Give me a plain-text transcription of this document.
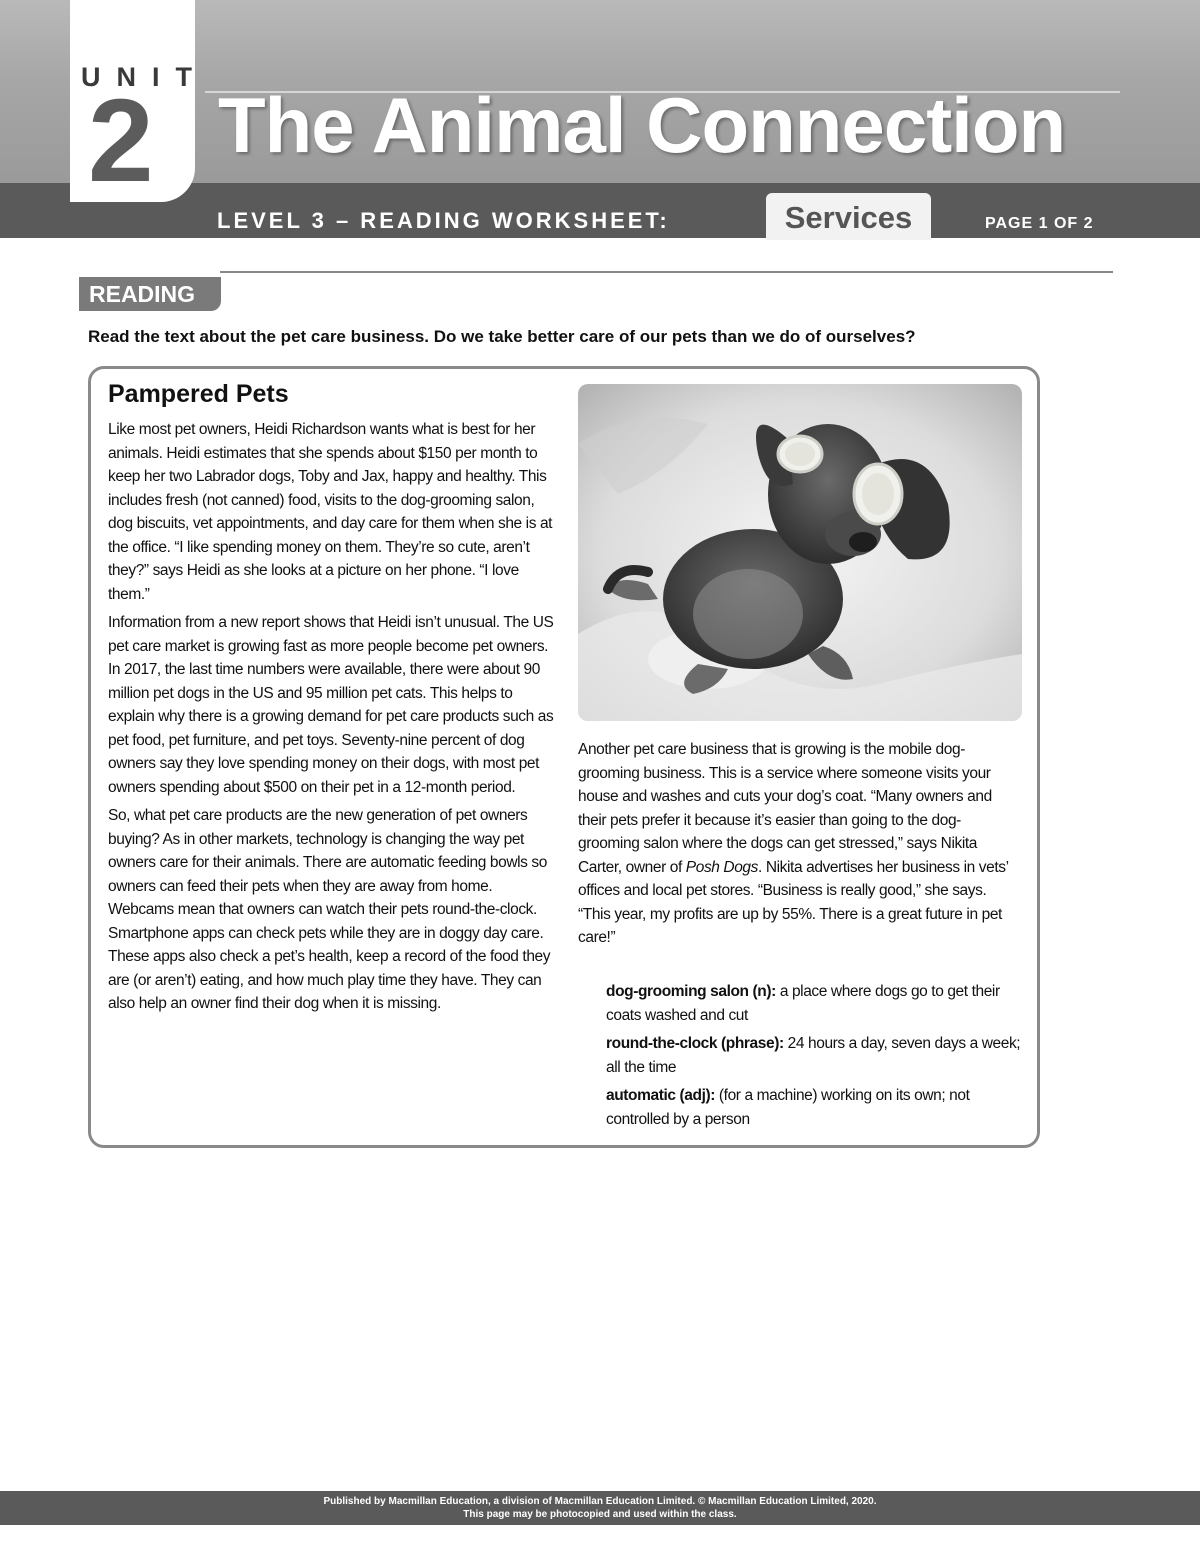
UNIT
2 The Animal Connection
LEVEL 3 – READING WORKSHEET:	Services	PAGE 1 OF 2
READING
Read the text about the pet care business. Do we take better care of our pets than we do of ourselves?
Pampered Pets

Like most pet owners, Heidi Richardson wants what is best for her animals. Heidi estimates that she spends about $150 per month to keep her two Labrador dogs, Toby and Jax, happy and healthy. This includes fresh (not canned) food, visits to the dog-grooming salon, dog biscuits, vet appointments, and day care for them when she is at the office. “I like spending money on them. They’re so cute, aren’t they?” says Heidi as she looks at a picture on her phone. “I love them.”

Information from a new report shows that Heidi isn’t unusual. The US pet care market is growing fast as more people become pet owners. In 2017, the last time numbers were available, there were about 90 million pet dogs in the US and 95 million pet cats. This helps to explain why there is a growing demand for pet care products such as pet food, pet furniture, and pet toys. Seventy-nine percent of dog owners say they love spending money on their dogs, with most pet owners spending about $500 on their pet in a 12-month period.

So, what pet care products are the new generation of pet owners buying? As in other markets, technology is changing the way pet owners care for their animals. There are automatic feeding bowls so owners can feed their pets when they are away from home. Webcams mean that owners can watch their pets round-the-clock. Smartphone apps can check pets while they are in doggy day care. These apps also check a pet’s health, keep a record of the food they are (or aren’t) eating, and how much play time they have. They can also help an owner find their dog when it is missing.

Another pet care business that is growing is the mobile dog-grooming business. This is a service where someone visits your house and washes and cuts your dog’s coat. “Many owners and their pets prefer it because it’s easier than going to the dog-grooming salon where the dogs can get stressed,” says Nikita Carter, owner of Posh Dogs. Nikita advertises her business in vets’ offices and local pet stores. “Business is really good,” she says. “This year, my profits are up by 55%. There is a great future in pet care!”

dog-grooming salon (n): a place where dogs go to get their coats washed and cut
round-the-clock (phrase): 24 hours a day, seven days a week; all the time
automatic (adj): (for a machine) working on its own; not controlled by a person
Published by Macmillan Education, a division of Macmillan Education Limited. © Macmillan Education Limited, 2020.
This page may be photocopied and used within the class.
